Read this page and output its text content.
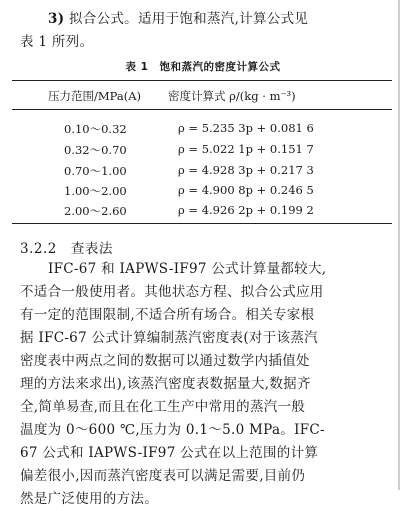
3) 拟合公式。适用于饱和蒸汽,计算公式见
表 1 所列。
表 1　饱和蒸汽的密度计算公式
压力范围/MPa(A) 密度计算式 ρ/(kg · m⁻³)
0.10～0.32	ρ = 5.235 3p + 0.081 6
0.32～0.70	ρ = 5.022 1p + 0.151 7
0.70～1.00	ρ = 4.928 3p + 0.217 3
1.00～2.00	ρ = 4.900 8p + 0.246 5
2.00～2.60	ρ = 4.926 2p + 0.199 2
3.2.2 查表法
IFC-67 和 IAPWS-IF97 公式计算量都较大,
不适合一般使用者。其他状态方程、拟合公式应用
有一定的范围限制,不适合所有场合。相关专家根
据 IFC-67 公式计算编制蒸汽密度表(对于该蒸汽
密度表中两点之间的数据可以通过数学内插值处
理的方法来求出),该蒸汽密度表数据量大,数据齐
全,简单易查,而且在化工生产中常用的蒸汽一般
温度为 0～600 ℃,压力为 0.1～5.0 MPa。IFC-
67 公式和 IAPWS-IF97 公式在以上范围的计算
偏差很小,因而蒸汽密度表可以满足需要,目前仍
然是广泛使用的方法。
